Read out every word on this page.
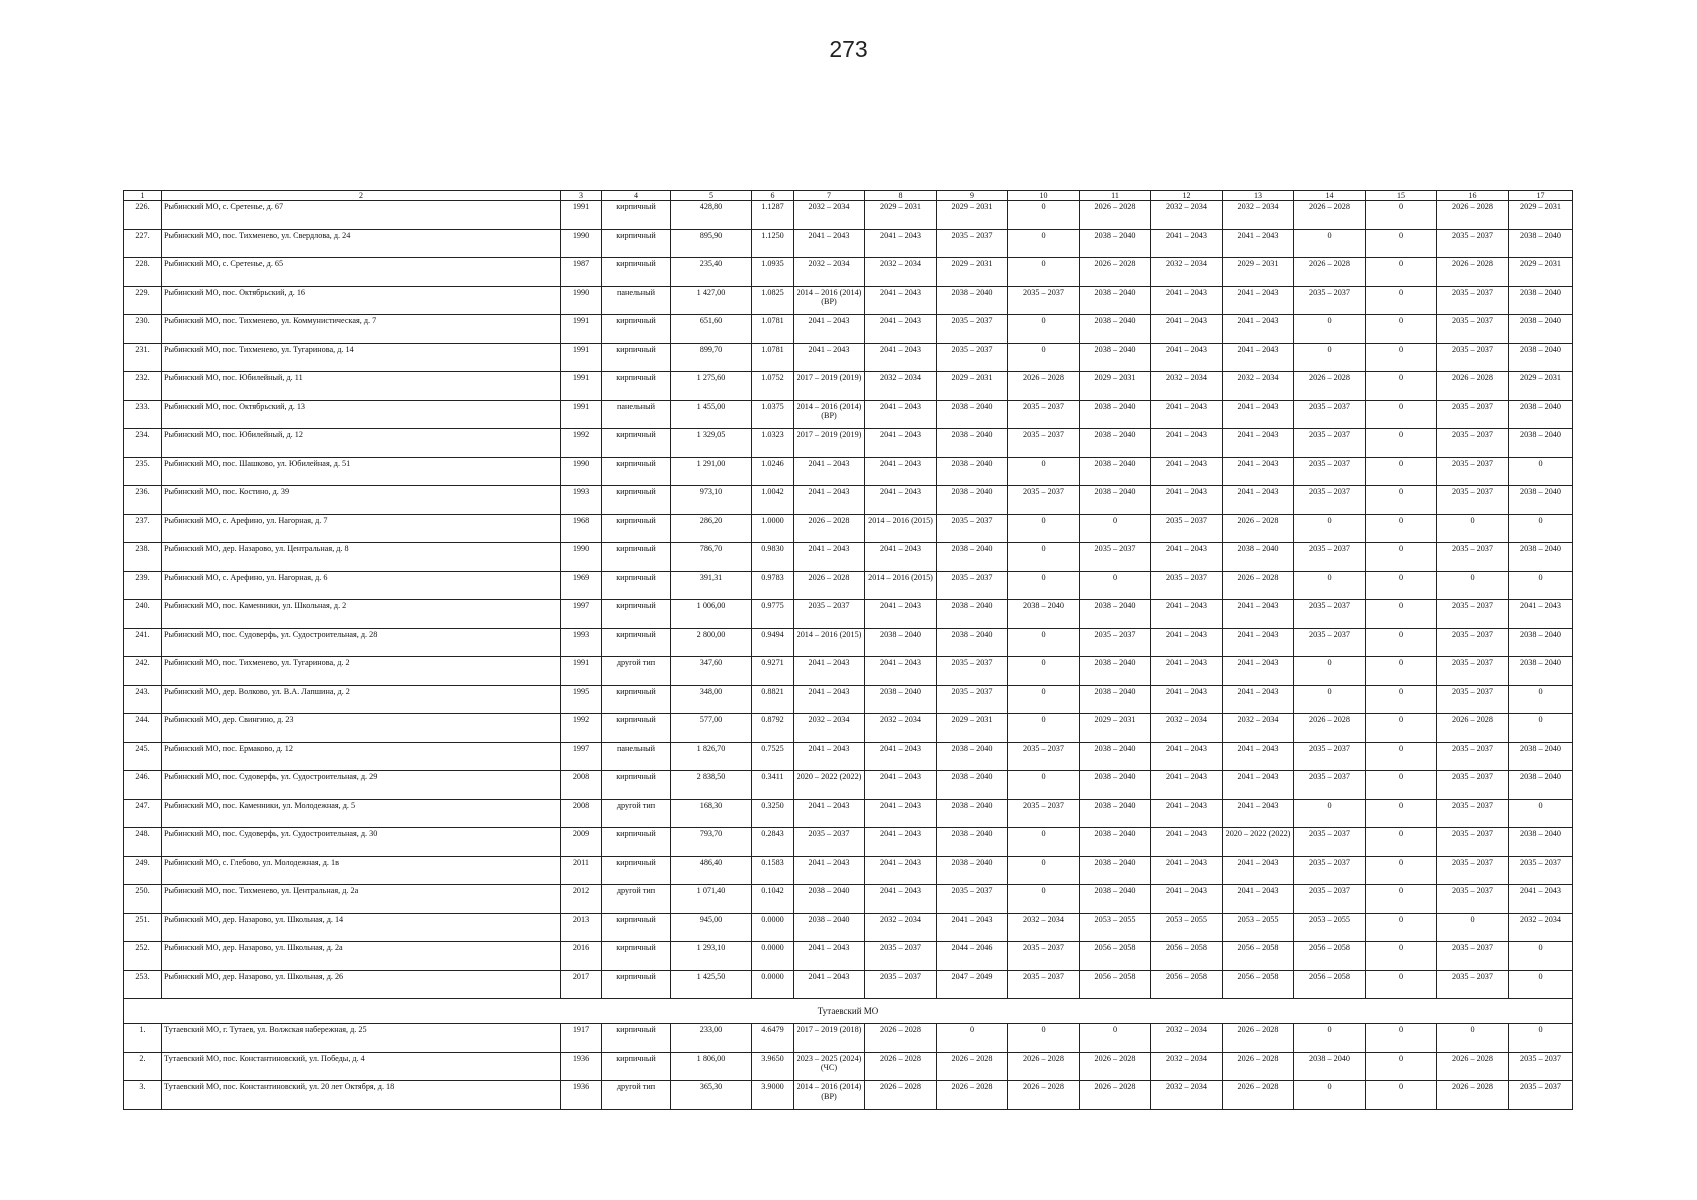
273
1	2	3	4	5	6	7	8	9	10	11	12	13	14	15	16	17
226.	Рыбинский МО, с. Сретенье, д. 67	1991	кирпичный	428,80	1.1287	2032 – 2034	2029 – 2031	2029 – 2031	0	2026 – 2028	2032 – 2034	2032 – 2034	2026 – 2028	0	2026 – 2028	2029 – 2031
227.	Рыбинский МО, пос. Тихменево, ул. Свердлова, д. 24	1990	кирпичный	895,90	1.1250	2041 – 2043	2041 – 2043	2035 – 2037	0	2038 – 2040	2041 – 2043	2041 – 2043	0	0	2035 – 2037	2038 – 2040
228.	Рыбинский МО, с. Сретенье, д. 65	1987	кирпичный	235,40	1.0935	2032 – 2034	2032 – 2034	2029 – 2031	0	2026 – 2028	2032 – 2034	2029 – 2031	2026 – 2028	0	2026 – 2028	2029 – 2031
229.	Рыбинский МО, пос. Октябрьский, д. 16	1990	панельный	1 427,00	1.0825	2014 – 2016 (2014) (ВР)	2041 – 2043	2038 – 2040	2035 – 2037	2038 – 2040	2041 – 2043	2041 – 2043	2035 – 2037	0	2035 – 2037	2038 – 2040
230.	Рыбинский МО, пос. Тихменево, ул. Коммунистическая, д. 7	1991	кирпичный	651,60	1.0781	2041 – 2043	2041 – 2043	2035 – 2037	0	2038 – 2040	2041 – 2043	2041 – 2043	0	0	2035 – 2037	2038 – 2040
231.	Рыбинский МО, пос. Тихменево, ул. Тугаринова, д. 14	1991	кирпичный	899,70	1.0781	2041 – 2043	2041 – 2043	2035 – 2037	0	2038 – 2040	2041 – 2043	2041 – 2043	0	0	2035 – 2037	2038 – 2040
232.	Рыбинский МО, пос. Юбилейный, д. 11	1991	кирпичный	1 275,60	1.0752	2017 – 2019 (2019)	2032 – 2034	2029 – 2031	2026 – 2028	2029 – 2031	2032 – 2034	2032 – 2034	2026 – 2028	0	2026 – 2028	2029 – 2031
233.	Рыбинский МО, пос. Октябрьский, д. 13	1991	панельный	1 455,00	1.0375	2014 – 2016 (2014) (ВР)	2041 – 2043	2038 – 2040	2035 – 2037	2038 – 2040	2041 – 2043	2041 – 2043	2035 – 2037	0	2035 – 2037	2038 – 2040
234.	Рыбинский МО, пос. Юбилейный, д. 12	1992	кирпичный	1 329,05	1.0323	2017 – 2019 (2019)	2041 – 2043	2038 – 2040	2035 – 2037	2038 – 2040	2041 – 2043	2041 – 2043	2035 – 2037	0	2035 – 2037	2038 – 2040
235.	Рыбинский МО, пос. Шашково, ул. Юбилейная, д. 51	1990	кирпичный	1 291,00	1.0246	2041 – 2043	2041 – 2043	2038 – 2040	0	2038 – 2040	2041 – 2043	2041 – 2043	2035 – 2037	0	2035 – 2037	0
236.	Рыбинский МО, пос. Костино, д. 39	1993	кирпичный	973,10	1.0042	2041 – 2043	2041 – 2043	2038 – 2040	2035 – 2037	2038 – 2040	2041 – 2043	2041 – 2043	2035 – 2037	0	2035 – 2037	2038 – 2040
237.	Рыбинский МО, с. Арефино, ул. Нагорная, д. 7	1968	кирпичный	286,20	1.0000	2026 – 2028	2014 – 2016 (2015)	2035 – 2037	0	0	2035 – 2037	2026 – 2028	0	0	0	0
238.	Рыбинский МО, дер. Назарово, ул. Центральная, д. 8	1990	кирпичный	786,70	0.9830	2041 – 2043	2041 – 2043	2038 – 2040	0	2035 – 2037	2041 – 2043	2038 – 2040	2035 – 2037	0	2035 – 2037	2038 – 2040
239.	Рыбинский МО, с. Арефино, ул. Нагорная, д. 6	1969	кирпичный	391,31	0.9783	2026 – 2028	2014 – 2016 (2015)	2035 – 2037	0	0	2035 – 2037	2026 – 2028	0	0	0	0
240.	Рыбинский МО, пос. Каменники, ул. Школьная, д. 2	1997	кирпичный	1 006,00	0.9775	2035 – 2037	2041 – 2043	2038 – 2040	2038 – 2040	2038 – 2040	2041 – 2043	2041 – 2043	2035 – 2037	0	2035 – 2037	2041 – 2043
241.	Рыбинский МО, пос. Судоверфь, ул. Судостроительная, д. 28	1993	кирпичный	2 800,00	0.9494	2014 – 2016 (2015)	2038 – 2040	2038 – 2040	0	2035 – 2037	2041 – 2043	2041 – 2043	2035 – 2037	0	2035 – 2037	2038 – 2040
242.	Рыбинский МО, пос. Тихменево, ул. Тугаринова, д. 2	1991	другой тип	347,60	0.9271	2041 – 2043	2041 – 2043	2035 – 2037	0	2038 – 2040	2041 – 2043	2041 – 2043	0	0	2035 – 2037	2038 – 2040
243.	Рыбинский МО, дер. Волково, ул. В.А. Лапшина, д. 2	1995	кирпичный	348,00	0.8821	2041 – 2043	2038 – 2040	2035 – 2037	0	2038 – 2040	2041 – 2043	2041 – 2043	0	0	2035 – 2037	0
244.	Рыбинский МО, дер. Свингино, д. 23	1992	кирпичный	577,00	0.8792	2032 – 2034	2032 – 2034	2029 – 2031	0	2029 – 2031	2032 – 2034	2032 – 2034	2026 – 2028	0	2026 – 2028	0
245.	Рыбинский МО, пос. Ермаково, д. 12	1997	панельный	1 826,70	0.7525	2041 – 2043	2041 – 2043	2038 – 2040	2035 – 2037	2038 – 2040	2041 – 2043	2041 – 2043	2035 – 2037	0	2035 – 2037	2038 – 2040
246.	Рыбинский МО, пос. Судоверфь, ул. Судостроительная, д. 29	2008	кирпичный	2 838,50	0.3411	2020 – 2022 (2022)	2041 – 2043	2038 – 2040	0	2038 – 2040	2041 – 2043	2041 – 2043	2035 – 2037	0	2035 – 2037	2038 – 2040
247.	Рыбинский МО, пос. Каменники, ул. Молодежная, д. 5	2008	другой тип	168,30	0.3250	2041 – 2043	2041 – 2043	2038 – 2040	2035 – 2037	2038 – 2040	2041 – 2043	2041 – 2043	0	0	2035 – 2037	0
248.	Рыбинский МО, пос. Судоверфь, ул. Судостроительная, д. 30	2009	кирпичный	793,70	0.2843	2035 – 2037	2041 – 2043	2038 – 2040	0	2038 – 2040	2041 – 2043	2020 – 2022 (2022)	2035 – 2037	0	2035 – 2037	2038 – 2040
249.	Рыбинский МО, с. Глебово, ул. Молодежная, д. 1в	2011	кирпичный	486,40	0.1583	2041 – 2043	2041 – 2043	2038 – 2040	0	2038 – 2040	2041 – 2043	2041 – 2043	2035 – 2037	0	2035 – 2037	2035 – 2037
250.	Рыбинский МО, пос. Тихменево, ул. Центральная, д. 2а	2012	другой тип	1 071,40	0.1042	2038 – 2040	2041 – 2043	2035 – 2037	0	2038 – 2040	2041 – 2043	2041 – 2043	2035 – 2037	0	2035 – 2037	2041 – 2043
251.	Рыбинский МО, дер. Назарово, ул. Школьная, д. 14	2013	кирпичный	945,00	0.0000	2038 – 2040	2032 – 2034	2041 – 2043	2032 – 2034	2053 – 2055	2053 – 2055	2053 – 2055	2053 – 2055	0	0	2032 – 2034
252.	Рыбинский МО, дер. Назарово, ул. Школьная, д. 2а	2016	кирпичный	1 293,10	0.0000	2041 – 2043	2035 – 2037	2044 – 2046	2035 – 2037	2056 – 2058	2056 – 2058	2056 – 2058	2056 – 2058	0	2035 – 2037	0
253.	Рыбинский МО, дер. Назарово, ул. Школьная, д. 26	2017	кирпичный	1 425,50	0.0000	2041 – 2043	2035 – 2037	2047 – 2049	2035 – 2037	2056 – 2058	2056 – 2058	2056 – 2058	2056 – 2058	0	2035 – 2037	0
Тутаевский МО																
1.	Тутаевский МО, г. Тутаев, ул. Волжская набережная, д. 25	1917	кирпичный	233,00	4.6479	2017 – 2019 (2018)	2026 – 2028	0	0	0	2032 – 2034	2026 – 2028	0	0	0	0
2.	Тутаевский МО, пос. Константиновский, ул. Победы, д. 4	1936	кирпичный	1 806,00	3.9650	2023 – 2025 (2024) (ЧС)	2026 – 2028	2026 – 2028	2026 – 2028	2026 – 2028	2032 – 2034	2026 – 2028	2038 – 2040	0	2026 – 2028	2035 – 2037
3.	Тутаевский МО, пос. Константиновский, ул. 20 лет Октября, д. 18	1936	другой тип	365,30	3.9000	2014 – 2016 (2014) (ВР)	2026 – 2028	2026 – 2028	2026 – 2028	2026 – 2028	2032 – 2034	2026 – 2028	0	0	2026 – 2028	2035 – 2037
